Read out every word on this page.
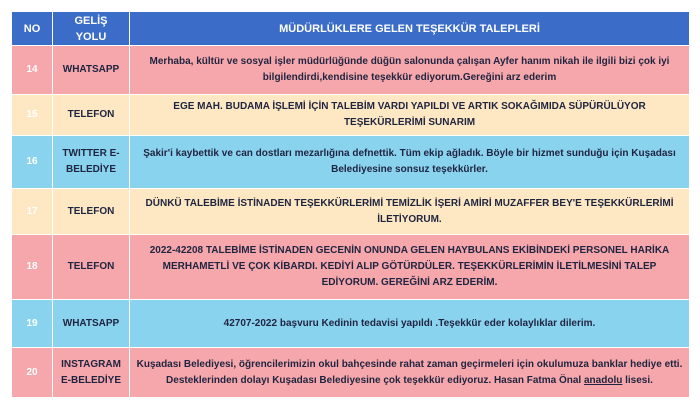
NO	GELİŞ YOLU	MÜDÜRLÜKLERE GELEN TEŞEKKÜR TALEPLERİ
14	WHATSAPP	Merhaba, kültür ve sosyal işler müdürlüğünde düğün salonunda çalışan Ayfer hanım nikah ile ilgili bizi çok iyi bilgilendirdi,kendisine teşekkür ediyorum.Gereğini arz ederim
15	TELEFON	EGE MAH. BUDAMA İŞLEMİ İÇİN TALEBİM VARDI YAPILDI VE ARTIK SOKAĞIMIDA SÜPÜRÜLÜYOR TEŞEKÜRLERİMİ SUNARIM
16	TWITTER E-BELEDİYE	Şakir'i kaybettik ve can dostları mezarlığına defnettik. Tüm ekip ağladık. Böyle bir hizmet sunduğu için Kuşadası Belediyesine sonsuz teşekkürler.
17	TELEFON	DÜNKÜ TALEBİME İSTİNADEN TEŞEKKÜRLERİMİ TEMİZLİK İŞERİ AMİRİ MUZAFFER BEY'E TEŞEKKÜRLERİMİ İLETİYORUM.
18	TELEFON	2022-42208 TALEBİME İSTİNADEN GECENİN ONUNDA GELEN HAYBULANS EKİBİNDEKİ PERSONEL HARİKA MERHAMETLİ VE ÇOK KİBARDI. KEDİYİ ALIP GÖTÜRDÜLER. TEŞEKKÜRLERİMİN İLETİLMESİNİ TALEP EDİYORUM. GEREĞİNİ ARZ EDERİM.
19	WHATSAPP	42707-2022 başvuru Kedinin tedavisi yapıldı .Teşekkür eder kolaylıklar dilerim.
20	INSTAGRAM E-BELEDİYE	Kuşadası Belediyesi, öğrencilerimizin okul bahçesinde rahat zaman geçirmeleri için okulumuza banklar hediye etti. Desteklerinden dolayı Kuşadası Belediyesine çok teşekkür ediyoruz. Hasan Fatma Önal anadolu lisesi.
